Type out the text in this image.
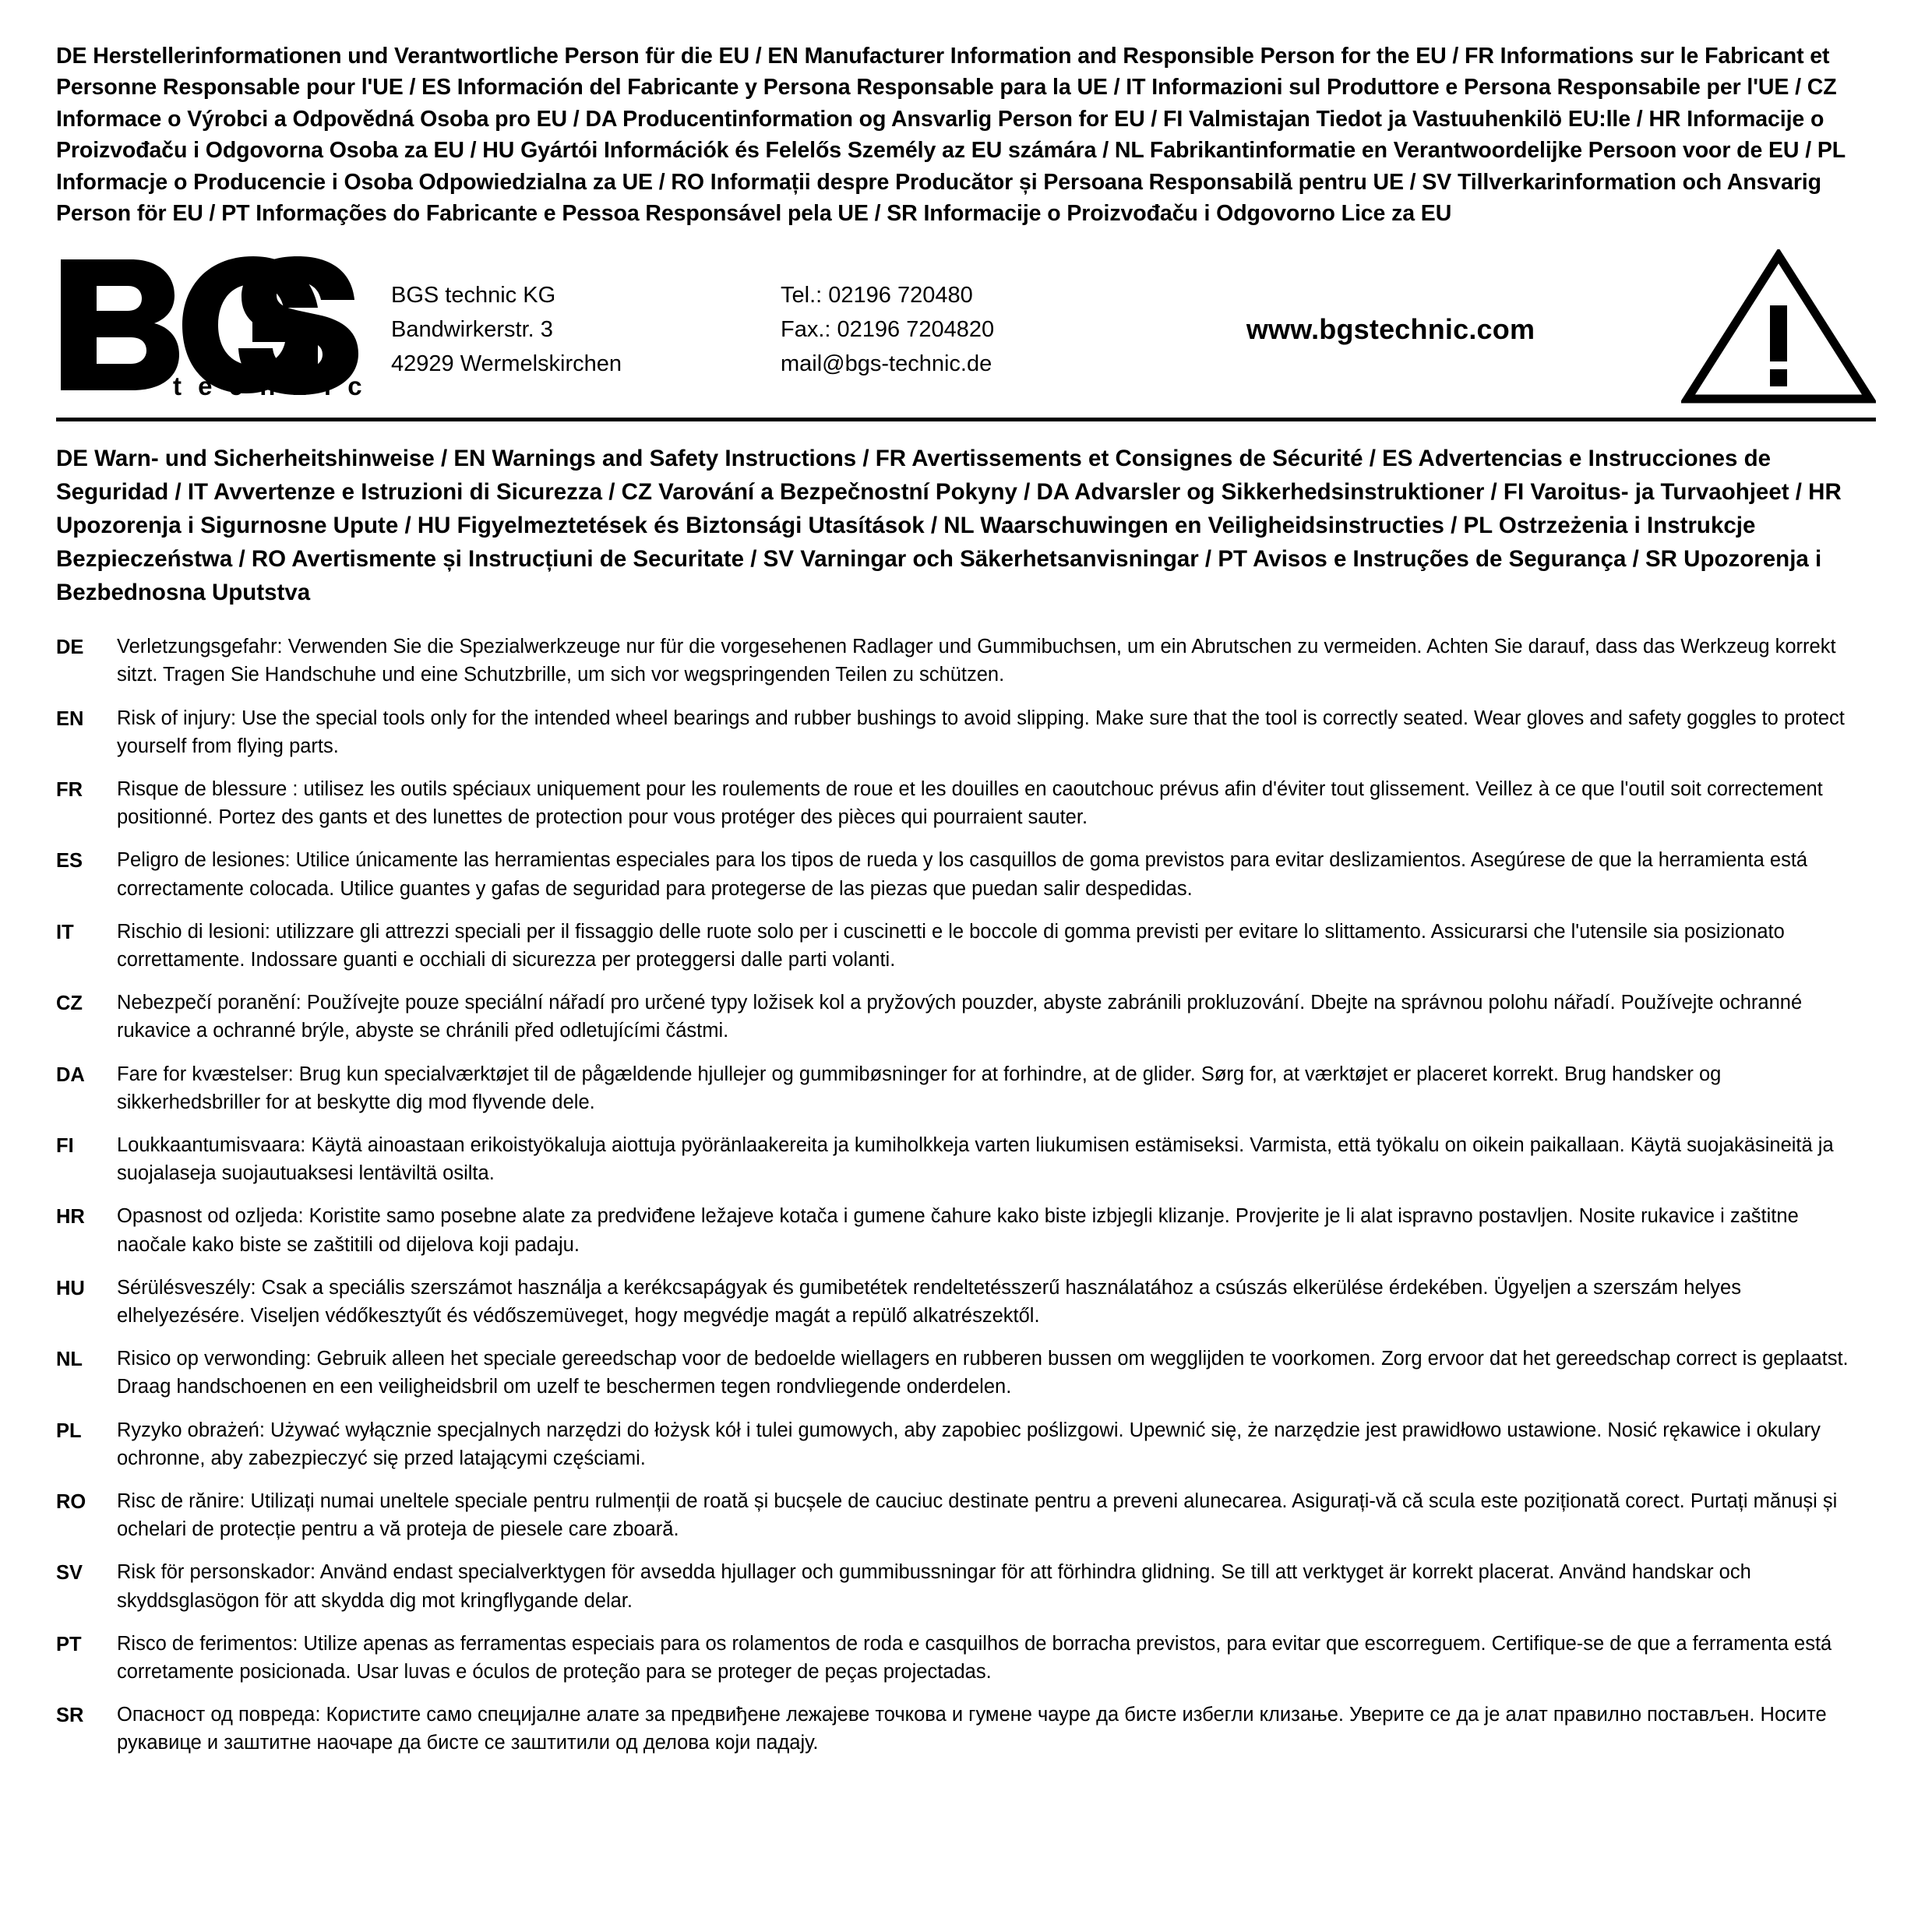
DE Herstellerinformationen und Verantwortliche Person für die EU / EN Manufacturer Information and Responsible Person for the EU / FR Informations sur le Fabricant et Personne Responsable pour l'UE / ES Información del Fabricante y Persona Responsable para la UE / IT Informazioni sul Produttore e Persona Responsabile per l'UE / CZ Informace o Výrobci a Odpovědná Osoba pro EU / DA Producentinformation og Ansvarlig Person for EU / FI Valmistajan Tiedot ja Vastuuhenkilö EU:lle / HR Informacije o Proizvođaču i Odgovorna Osoba za EU / HU Gyártói Információk és Felelős Személy az EU számára / NL Fabrikantinformatie en Verantwoordelijke Persoon voor de EU / PL Informacje o Producencie i Osoba Odpowiedzialna za UE / RO Informații despre Producător și Persoana Responsabilă pentru UE / SV Tillverkarinformation och Ansvarig Person för EU / PT Informações do Fabricante e Pessoa Responsável pela UE / SR Informacije o Proizvođaču i Odgovorno Lice za EU
®
t e c h n i c
BGS technic KG
Bandwirkerstr. 3
42929 Wermelskirchen
Tel.: 02196 720480
Fax.: 02196 7204820
mail@bgs-technic.de
www.bgstechnic.com
DE Warn- und Sicherheitshinweise / EN Warnings and Safety Instructions / FR Avertissements et Consignes de Sécurité / ES Advertencias e Instrucciones de Seguridad / IT Avvertenze e Istruzioni di Sicurezza / CZ Varování a Bezpečnostní Pokyny / DA Advarsler og Sikkerhedsinstruktioner / FI Varoitus- ja Turvaohjeet / HR Upozorenja i Sigurnosne Upute / HU Figyelmeztetések és Biztonsági Utasítások / NL Waarschuwingen en Veiligheidsinstructies / PL Ostrzeżenia i Instrukcje Bezpieczeństwa / RO Avertismente și Instrucțiuni de Securitate / SV Varningar och Säkerhetsanvisningar / PT Avisos e Instruções de Segurança / SR Upozorenja i Bezbednosna Uputstva
DE	Verletzungsgefahr: Verwenden Sie die Spezialwerkzeuge nur für die vorgesehenen Radlager und Gummibuchsen, um ein Abrutschen zu vermeiden. Achten Sie darauf, dass das Werkzeug korrekt sitzt. Tragen Sie Handschuhe und eine Schutzbrille, um sich vor wegspringenden Teilen zu schützen.
EN	Risk of injury: Use the special tools only for the intended wheel bearings and rubber bushings to avoid slipping. Make sure that the tool is correctly seated. Wear gloves and safety goggles to protect yourself from flying parts.
FR	Risque de blessure : utilisez les outils spéciaux uniquement pour les roulements de roue et les douilles en caoutchouc prévus afin d'éviter tout glissement. Veillez à ce que l'outil soit correctement positionné. Portez des gants et des lunettes de protection pour vous protéger des pièces qui pourraient sauter.
ES	Peligro de lesiones: Utilice únicamente las herramientas especiales para los tipos de rueda y los casquillos de goma previstos para evitar deslizamientos. Asegúrese de que la herramienta está correctamente colocada. Utilice guantes y gafas de seguridad para protegerse de las piezas que puedan salir despedidas.
IT	Rischio di lesioni: utilizzare gli attrezzi speciali per il fissaggio delle ruote solo per i cuscinetti e le boccole di gomma previsti per evitare lo slittamento. Assicurarsi che l'utensile sia posizionato correttamente. Indossare guanti e occhiali di sicurezza per proteggersi dalle parti volanti.
CZ	Nebezpečí poranění: Používejte pouze speciální nářadí pro určené typy ložisek kol a pryžových pouzder, abyste zabránili prokluzování. Dbejte na správnou polohu nářadí. Používejte ochranné rukavice a ochranné brýle, abyste se chránili před odletujícími částmi.
DA	Fare for kvæstelser: Brug kun specialværktøjet til de pågældende hjullejer og gummibøsninger for at forhindre, at de glider. Sørg for, at værktøjet er placeret korrekt. Brug handsker og sikkerhedsbriller for at beskytte dig mod flyvende dele.
FI	Loukkaantumisvaara: Käytä ainoastaan erikoistyökaluja aiottuja pyöränlaakereita ja kumiholkkeja varten liukumisen estämiseksi. Varmista, että työkalu on oikein paikallaan. Käytä suojakäsineitä ja suojalaseja suojautuaksesi lentäviltä osilta.
HR	Opasnost od ozljeda: Koristite samo posebne alate za predviđene ležajeve kotača i gumene čahure kako biste izbjegli klizanje. Provjerite je li alat ispravno postavljen. Nosite rukavice i zaštitne naočale kako biste se zaštitili od dijelova koji padaju.
HU	Sérülésveszély: Csak a speciális szerszámot használja a kerékcsapágyak és gumibetétek rendeltetésszerű használatához a csúszás elkerülése érdekében. Ügyeljen a szerszám helyes elhelyezésére. Viseljen védőkesztyűt és védőszemüveget, hogy megvédje magát a repülő alkatrészektől.
NL	Risico op verwonding: Gebruik alleen het speciale gereedschap voor de bedoelde wiellagers en rubberen bussen om wegglijden te voorkomen. Zorg ervoor dat het gereedschap correct is geplaatst. Draag handschoenen en een veiligheidsbril om uzelf te beschermen tegen rondvliegende onderdelen.
PL	Ryzyko obrażeń: Używać wyłącznie specjalnych narzędzi do łożysk kół i tulei gumowych, aby zapobiec poślizgowi. Upewnić się, że narzędzie jest prawidłowo ustawione. Nosić rękawice i okulary ochronne, aby zabezpieczyć się przed latającymi częściami.
RO	Risc de rănire: Utilizați numai uneltele speciale pentru rulmenții de roată și bucșele de cauciuc destinate pentru a preveni alunecarea. Asigurați-vă că scula este poziționată corect. Purtați mănuși și ochelari de protecție pentru a vă proteja de piesele care zboară.
SV	Risk för personskador: Använd endast specialverktygen för avsedda hjullager och gummibussningar för att förhindra glidning. Se till att verktyget är korrekt placerat. Använd handskar och skyddsglasögon för att skydda dig mot kringflygande delar.
PT	Risco de ferimentos: Utilize apenas as ferramentas especiais para os rolamentos de roda e casquilhos de borracha previstos, para evitar que escorreguem. Certifique-se de que a ferramenta está corretamente posicionada. Usar luvas e óculos de proteção para se proteger de peças projectadas.
SR	Опасност од повреда: Користите само специјалне алате за предвиђене лежајеве точкова и гумене чауре да бисте избегли клизање. Уверите се да је алат правилно постављен. Носите рукавице и заштитне наочаре да бисте се заштитили од делова који падају.
